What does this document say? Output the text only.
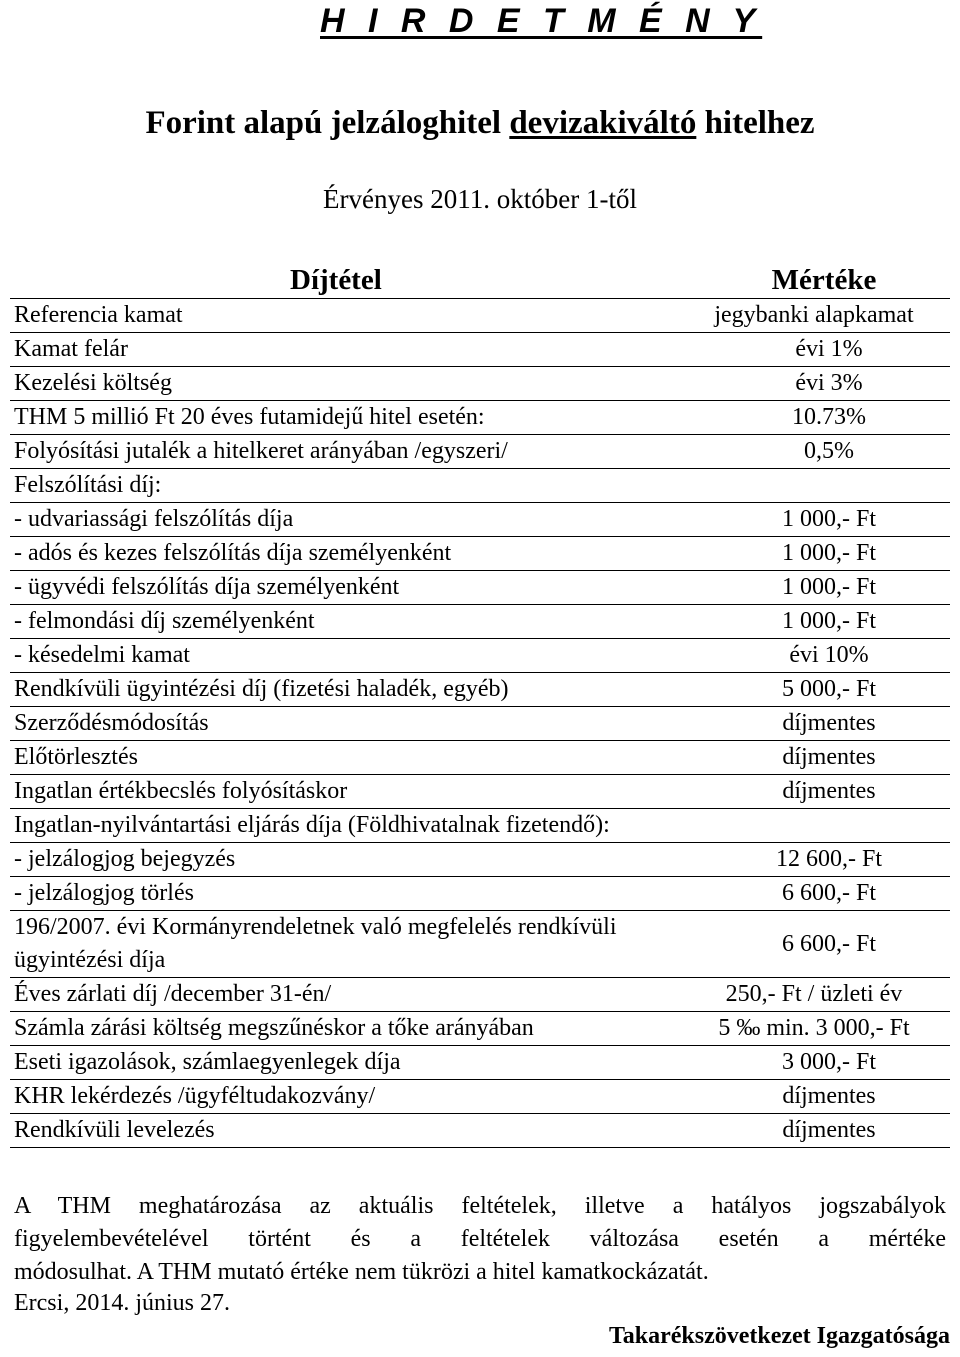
H I R D E T M É N Y
Forint alapú jelzáloghitel devizakiváltó hitelhez
Érvényes 2011. október 1-től
Díjtétel	Mértéke
Referencia kamat	jegybanki alapkamat
Kamat felár	évi 1%
Kezelési költség	évi 3%
THM 5 millió Ft 20 éves futamidejű hitel esetén:	10.73%
Folyósítási jutalék a hitelkeret arányában /egyszeri/	0,5%
Felszólítási díj:	
- udvariassági felszólítás díja	1 000,- Ft
- adós és kezes felszólítás díja személyenként	1 000,- Ft
- ügyvédi felszólítás díja személyenként	1 000,- Ft
- felmondási díj személyenként	1 000,- Ft
- késedelmi kamat	évi 10%
Rendkívüli ügyintézési díj (fizetési haladék, egyéb)	5 000,- Ft
Szerződésmódosítás	díjmentes
Előtörlesztés	díjmentes
Ingatlan értékbecslés folyósításkor	díjmentes
Ingatlan-nyilvántartási eljárás díja (Földhivatalnak fizetendő):	
- jelzálogjog bejegyzés	12 600,- Ft
- jelzálogjog törlés	6 600,- Ft
196/2007. évi Kormányrendeletnek való megfelelés rendkívüli ügyintézési díja	6 600,- Ft
Éves zárlati díj /december 31-én/	250,- Ft / üzleti év
Számla zárási költség megszűnéskor a tőke arányában	5 ‰ min. 3 000,- Ft
Eseti igazolások, számlaegyenlegek díja	3 000,- Ft
KHR lekérdezés /ügyféltudakozvány/	díjmentes
Rendkívüli levelezés	díjmentes
A THM meghatározása az aktuális feltételek, illetve a hatályos jogszabályok
figyelembevételével történt és a feltételek változása esetén a mértéke
módosulhat. A THM mutató értéke nem tükrözi a hitel kamatkockázatát.
Ercsi, 2014. június 27.
Takarékszövetkezet Igazgatósága
